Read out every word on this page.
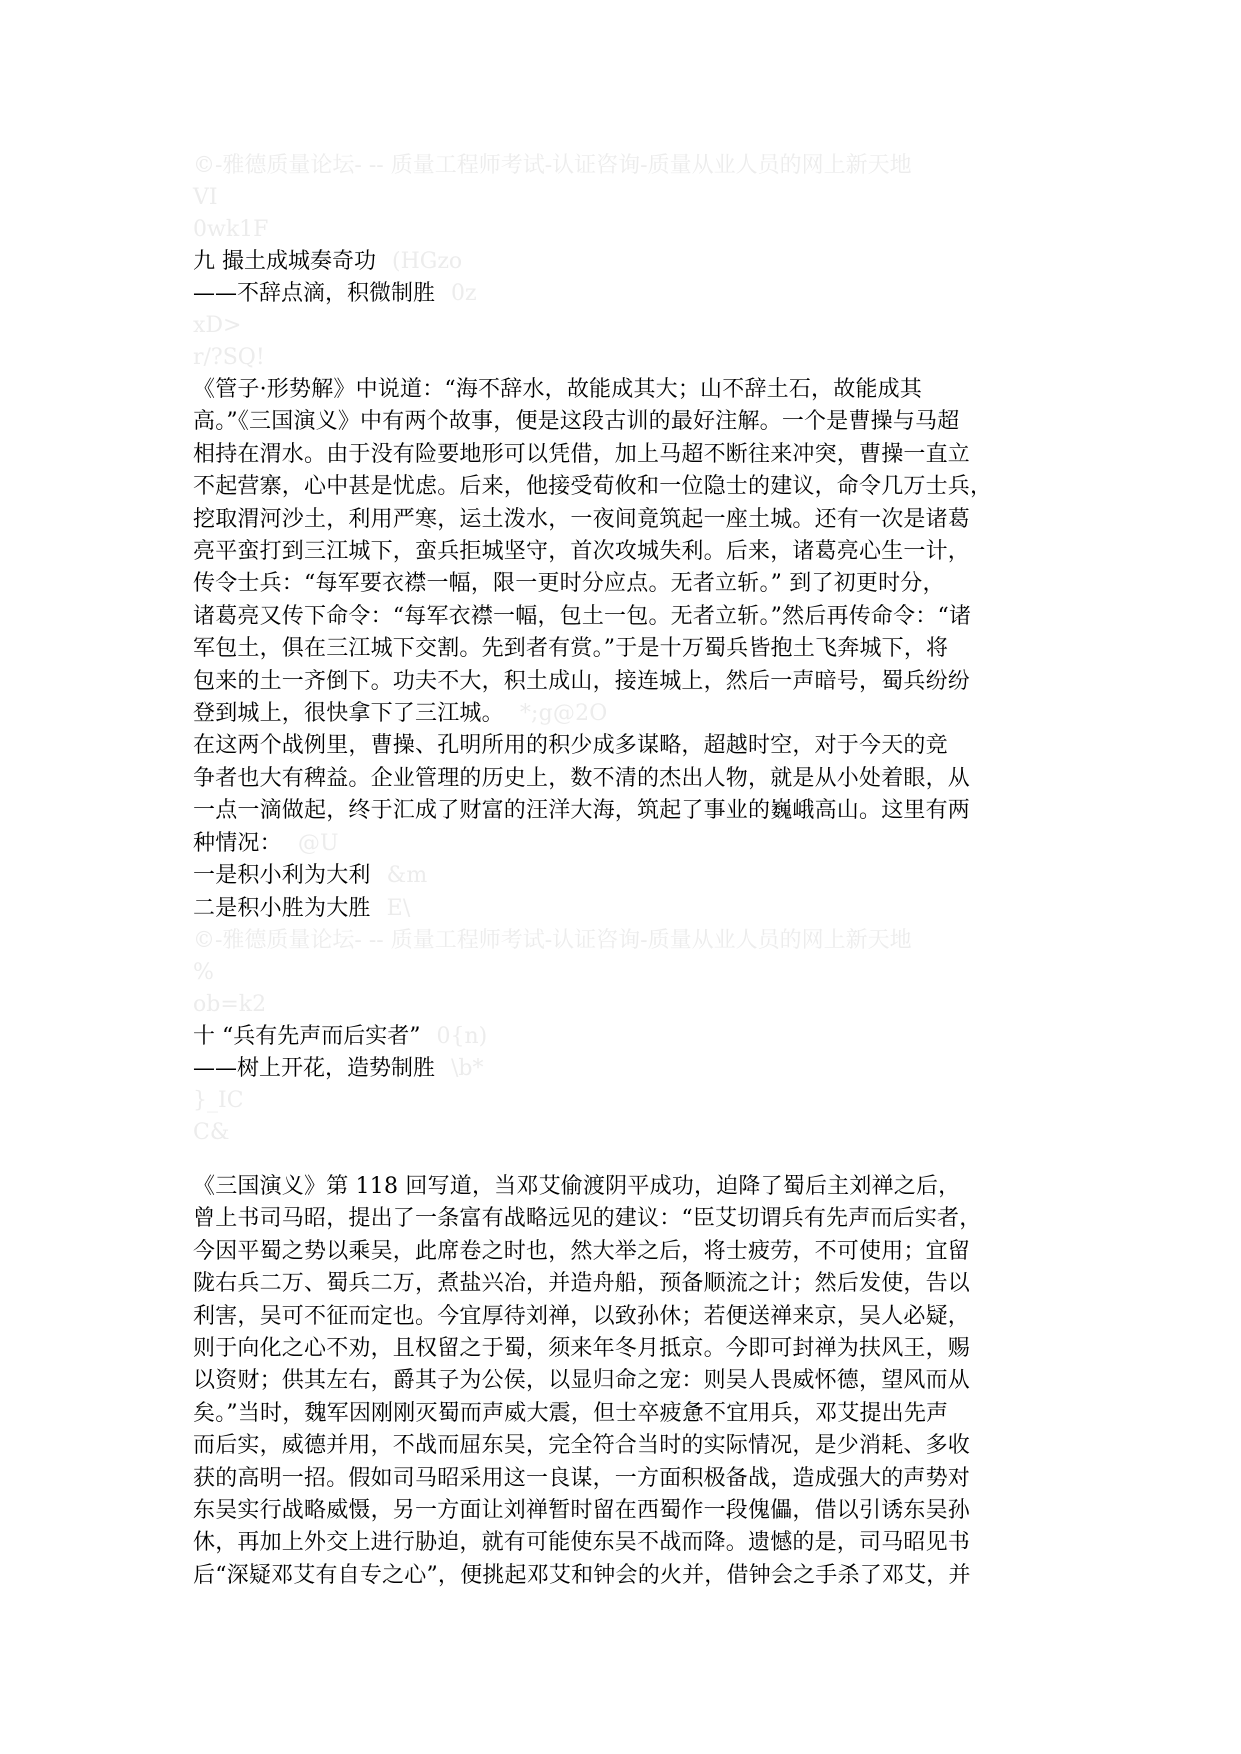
©-雅德质量论坛- -- 质量工程师考试-认证咨询-质量从业人员的网上新天地
VI
0wk1F
九 撮土成城奏奇功 (HGzo
——不辞点滴，积微制胜 0z
xD>
r/?SQ!
《管子·形势解》中说道：“海不辞水，故能成其大；山不辞土石，故能成其
高。”《三国演义》中有两个故事，便是这段古训的最好注解。一个是曹操与马超
相持在渭水。由于没有险要地形可以凭借，加上马超不断往来冲突，曹操一直立
不起营寨，心中甚是忧虑。后来，他接受荀攸和一位隐士的建议，命令几万士兵，
挖取渭河沙土，利用严寒，运土泼水，一夜间竟筑起一座土城。还有一次是诸葛
亮平蛮打到三江城下，蛮兵拒城坚守，首次攻城失利。后来，诸葛亮心生一计，
传令士兵：“每军要衣襟一幅，限一更时分应点。无者立斩。” 到了初更时分，
诸葛亮又传下命令：“每军衣襟一幅，包土一包。无者立斩。”然后再传命令：“诸
军包土，俱在三江城下交割。先到者有赏。”于是十万蜀兵皆抱土飞奔城下，将
包来的土一齐倒下。功夫不大，积土成山，接连城上，然后一声暗号，蜀兵纷纷
登到城上，很快拿下了三江城。 *;g@2O
在这两个战例里，曹操、孔明所用的积少成多谋略，超越时空，对于今天的竞
争者也大有稗益。企业管理的历史上，数不清的杰出人物，就是从小处着眼，从
一点一滴做起，终于汇成了财富的汪洋大海，筑起了事业的巍峨高山。这里有两
种情况： @U
一是积小利为大利 &m
二是积小胜为大胜 E\
©-雅德质量论坛- -- 质量工程师考试-认证咨询-质量从业人员的网上新天地
%
ob=k2
十 “兵有先声而后实者” 0{n)
——树上开花，造势制胜 \b*
}_IC
C&
《三国演义》第 118 回写道，当邓艾偷渡阴平成功，迫降了蜀后主刘禅之后，
曾上书司马昭，提出了一条富有战略远见的建议：“臣艾切谓兵有先声而后实者，
今因平蜀之势以乘吴，此席卷之时也，然大举之后，将士疲劳，不可使用；宜留
陇右兵二万、蜀兵二万，煮盐兴冶，并造舟船，预备顺流之计；然后发使，告以
利害，吴可不征而定也。今宜厚待刘禅，以致孙休；若便送禅来京，吴人必疑，
则于向化之心不劝，且权留之于蜀，须来年冬月抵京。今即可封禅为扶风王，赐
以资财；供其左右，爵其子为公侯，以显归命之宠：则吴人畏威怀德，望风而从
矣。”当时，魏军因刚刚灭蜀而声威大震，但士卒疲惫不宜用兵，邓艾提出先声
而后实，威德并用，不战而屈东吴，完全符合当时的实际情况，是少消耗、多收
获的高明一招。假如司马昭采用这一良谋，一方面积极备战，造成强大的声势对
东吴实行战略威慑，另一方面让刘禅暂时留在西蜀作一段傀儡，借以引诱东吴孙
休，再加上外交上进行胁迫，就有可能使东吴不战而降。遗憾的是，司马昭见书
后“深疑邓艾有自专之心”，便挑起邓艾和钟会的火并，借钟会之手杀了邓艾，并
